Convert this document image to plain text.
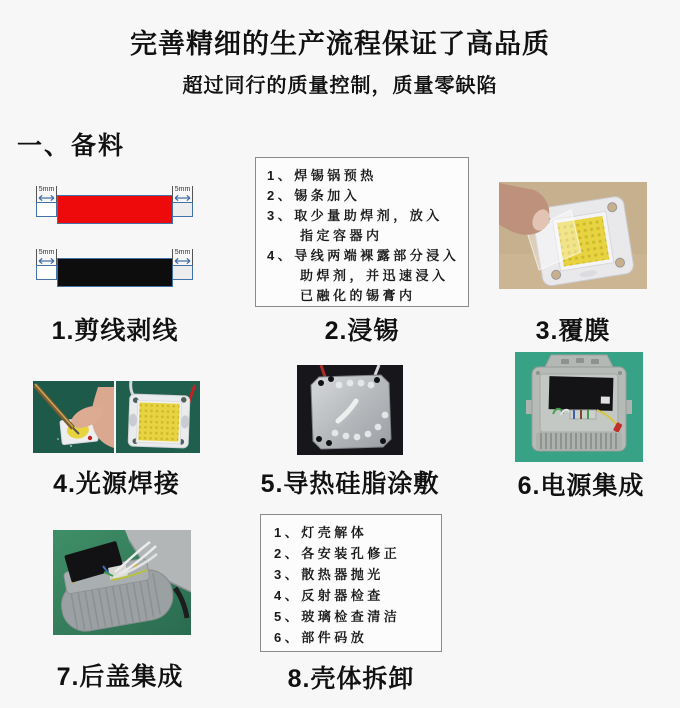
完善精细的生产流程保证了高品质
超过同行的质量控制，质量零缺陷
一、备料
5mm	5mm
5mm	5mm
1、焊锡锅预热
2、锡条加入
3、取少量助焊剂，放入
指定容器内
4、导线两端裸露部分浸入
助焊剂，并迅速浸入
已融化的锡膏内
1、灯壳解体
2、各安装孔修正
3、散热器抛光
4、反射器检查
5、玻璃检查清洁
6、部件码放
1.剪线剥线	2.浸锡	3.覆膜
4.光源焊接	5.导热硅脂涂敷	6.电源集成
7.后盖集成	8.壳体拆卸
